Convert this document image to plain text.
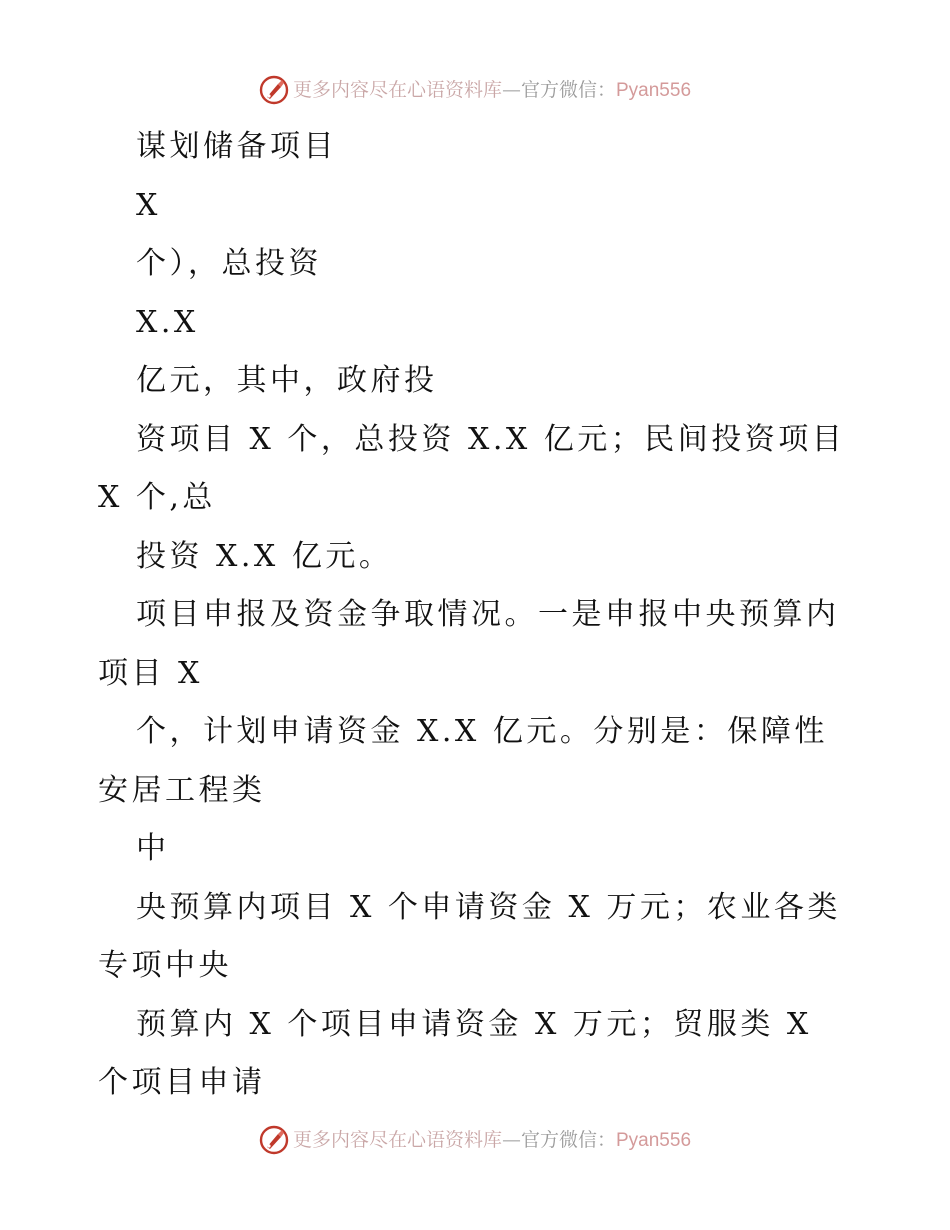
更多内容尽在心语资料库—官方微信：Pyan556
谋划储备项目
X
个），总投资
X.X
亿元，其中，政府投
资项目 X 个，总投资 X.X 亿元；民间投资项目
X 个,总
投资 X.X 亿元。
项目申报及资金争取情况。一是申报中央预算内
项目 X
个，计划申请资金 X.X 亿元。分别是：保障性
安居工程类
中
央预算内项目 X 个申请资金 X 万元；农业各类
专项中央
预算内 X 个项目申请资金 X 万元；贸服类 X
个项目申请
更多内容尽在心语资料库—官方微信：Pyan556
